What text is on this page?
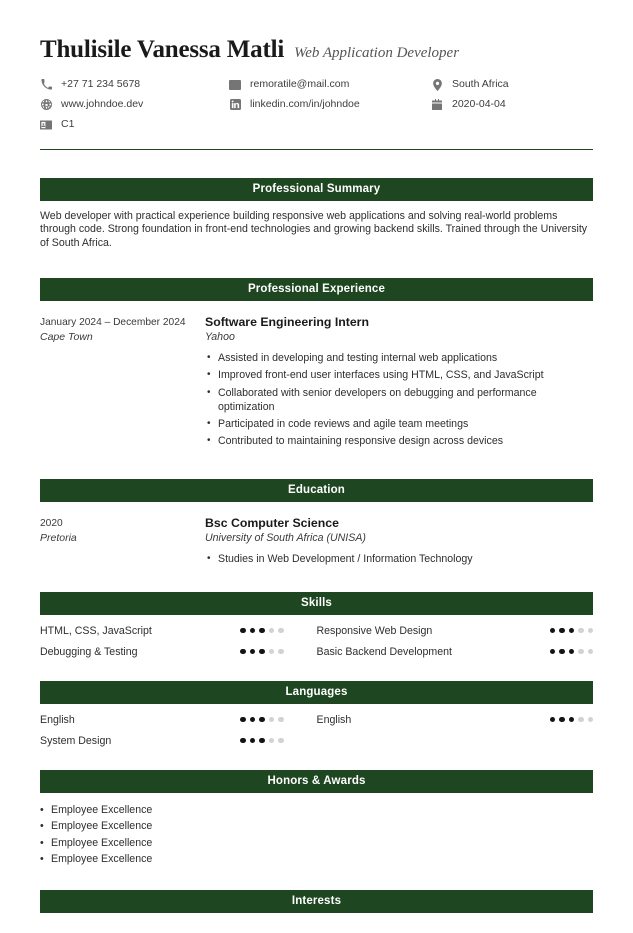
Thulisile Vanessa Matli Web Application Developer
+27 71 234 5678	remoratile@mail.com	South Africa
www.johndoe.dev	linkedin.com/in/johndoe	2020-04-04
C1
Professional Summary
Web developer with practical experience building responsive web applications and solving real-world problems through code. Strong foundation in front-end technologies and growing backend skills. Trained through the University of South Africa.
Professional Experience
January 2024 – December 2024
Cape Town
Software Engineering Intern
Yahoo
• Assisted in developing and testing internal web applications
• Improved front-end user interfaces using HTML, CSS, and JavaScript
• Collaborated with senior developers on debugging and performance optimization
• Participated in code reviews and agile team meetings
• Contributed to maintaining responsive design across devices
Education
2020
Pretoria
Bsc Computer Science
University of South Africa (UNISA)
• Studies in Web Development / Information Technology
Skills
HTML, CSS, JavaScript	Responsive Web Design
Debugging & Testing	Basic Backend Development
Languages
English	English
System Design
Honors & Awards
• Employee Excellence
• Employee Excellence
• Employee Excellence
• Employee Excellence
Interests
